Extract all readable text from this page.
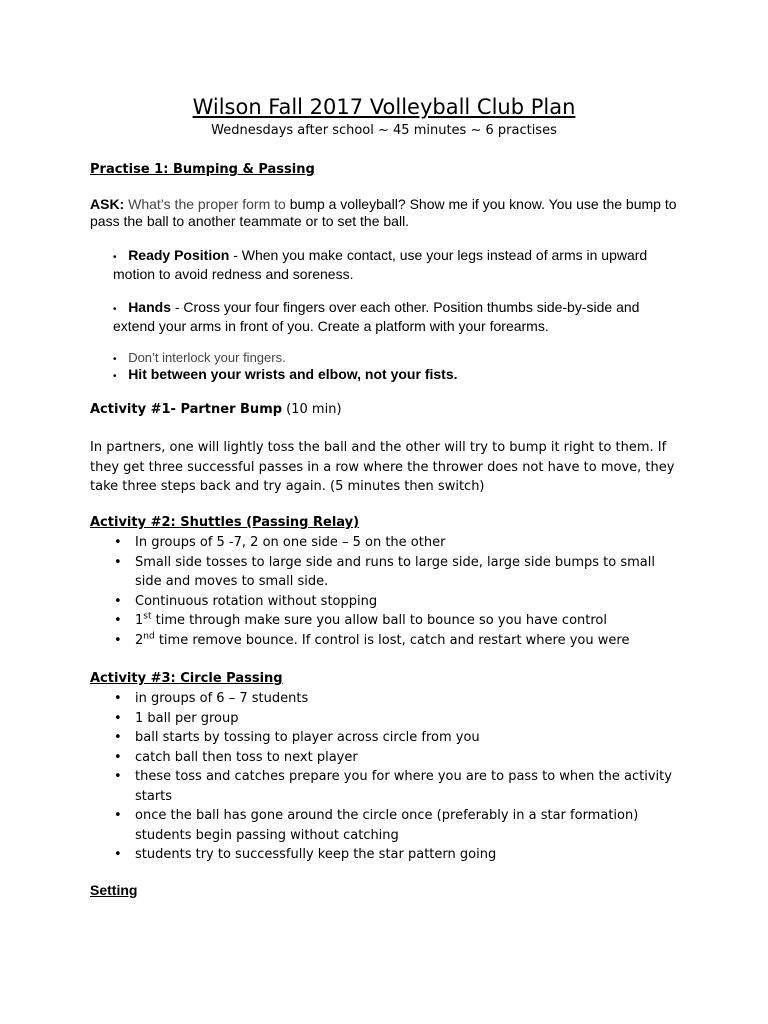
Wilson Fall 2017 Volleyball Club Plan
Wednesdays after school ~ 45 minutes ~ 6 practises
Practise 1: Bumping & Passing
ASK: What’s the proper form to bump a volleyball? Show me if you know. You use the bump to pass the ball to another teammate or to set the ball.
• Ready Position - When you make contact, use your legs instead of arms in upward motion to avoid redness and soreness.
• Hands - Cross your four fingers over each other. Position thumbs side-by-side and extend your arms in front of you. Create a platform with your forearms.
• Don’t interlock your fingers.
• Hit between your wrists and elbow, not your fists.
Activity #1- Partner Bump (10 min)
In partners, one will lightly toss the ball and the other will try to bump it right to them. If they get three successful passes in a row where the thrower does not have to move, they take three steps back and try again. (5 minutes then switch)
Activity #2: Shuttles (Passing Relay)
• In groups of 5 -7, 2 on one side – 5 on the other
• Small side tosses to large side and runs to large side, large side bumps to small side and moves to small side.
• Continuous rotation without stopping
• 1st time through make sure you allow ball to bounce so you have control
• 2nd time remove bounce. If control is lost, catch and restart where you were
Activity #3: Circle Passing
• in groups of 6 – 7 students
• 1 ball per group
• ball starts by tossing to player across circle from you
• catch ball then toss to next player
• these toss and catches prepare you for where you are to pass to when the activity starts
• once the ball has gone around the circle once (preferably in a star formation) students begin passing without catching
• students try to successfully keep the star pattern going
Setting
